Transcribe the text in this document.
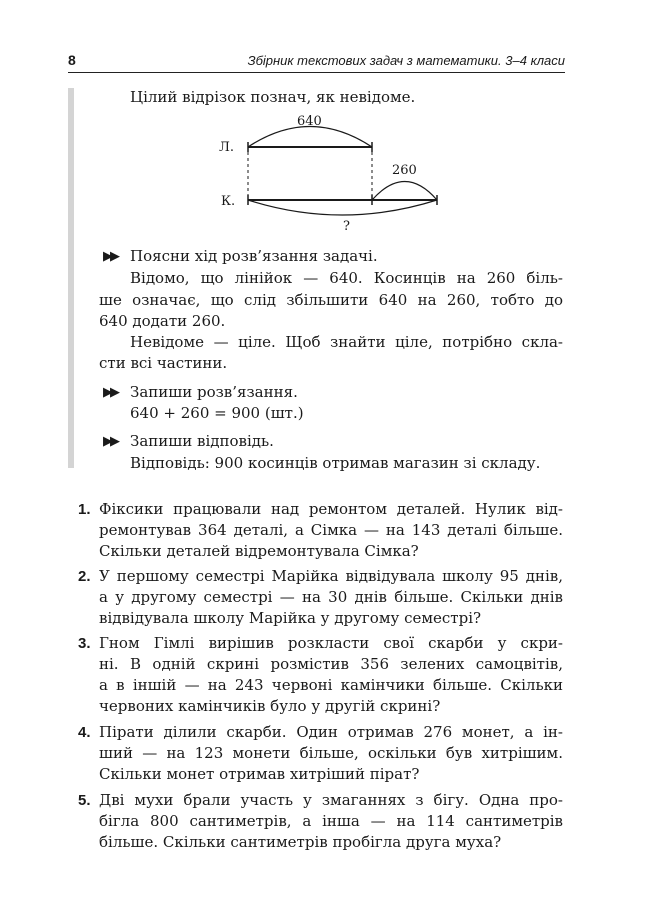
8	Збірник текстових задач з математики. 3–4 класи
Цілий відрізок познач, як невідоме.
640
Л.
260
К.
?
▶▶ Поясни хід розв’язання задачі.
Відомо, що лінійок — 640. Косинців на 260 біль-
ше означає, що слід збільшити 640 на 260, тобто до
640 додати 260.
Невідоме — ціле. Щоб знайти ціле, потрібно скла-
сти всі частини.
▶▶ Запиши розв’язання.
640 + 260 = 900 (шт.)
▶▶ Запиши відповідь.
Відповідь: 900 косинців отримав магазин зі складу.
1. Фіксики працювали над ремонтом деталей. Нулик від-
ремонтував 364 деталі, а Сімка — на 143 деталі більше.
Скільки деталей відремонтувала Сімка?
2. У першому семестрі Марійка відвідувала школу 95 днів,
а у другому семестрі — на 30 днів більше. Скільки днів
відвідувала школу Марійка у другому семестрі?
3. Гном Гімлі вирішив розкласти свої скарби у скри-
ні. В одній скрині розмістив 356 зелених самоцвітів,
а в іншій — на 243 червоні камінчики більше. Скільки
червоних камінчиків було у другій скрині?
4. Пірати ділили скарби. Один отримав 276 монет, а ін-
ший — на 123 монети більше, оскільки був хитрішим.
Скільки монет отримав хитріший пірат?
5. Дві мухи брали участь у змаганнях з бігу. Одна про-
бігла 800 сантиметрів, а інша — на 114 сантиметрів
більше. Скільки сантиметрів пробігла друга муха?
